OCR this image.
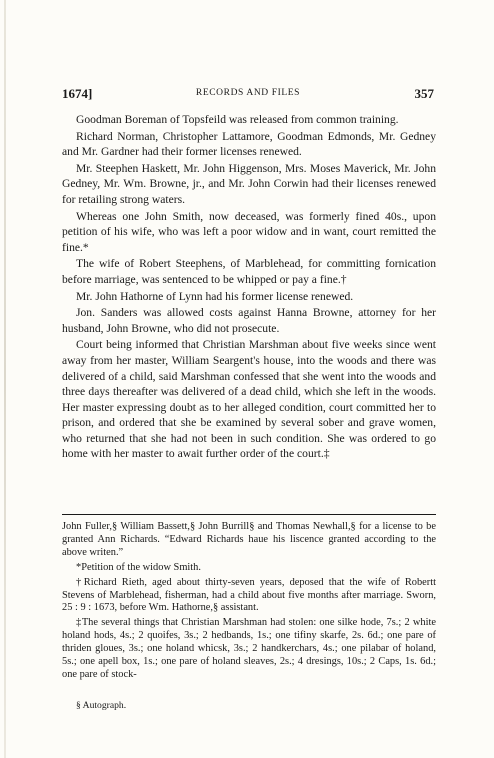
1674]	RECORDS AND FILES	357

Goodman Boreman of Topsfeild was released from common training.

Richard Norman, Christopher Lattamore, Goodman Edmonds, Mr. Gedney and Mr. Gardner had their former licenses renewed.

Mr. Steephen Haskett, Mr. John Higgenson, Mrs. Moses Maverick, Mr. John Gedney, Mr. Wm. Browne, jr., and Mr. John Corwin had their licenses renewed for retailing strong waters.

Whereas one John Smith, now deceased, was formerly fined 40s., upon petition of his wife, who was left a poor widow and in want, court remitted the fine.*

The wife of Robert Steephens, of Marblehead, for committing fornication before marriage, was sentenced to be whipped or pay a fine.†

Mr. John Hathorne of Lynn had his former license renewed.

Jon. Sanders was allowed costs against Hanna Browne, attorney for her husband, John Browne, who did not prosecute.

Court being informed that Christian Marshman about five weeks since went away from her master, William Seargent's house, into the woods and there was delivered of a child, said Marshman confessed that she went into the woods and three days thereafter was delivered of a dead child, which she left in the woods. Her master expressing doubt as to her alleged condition, court committed her to prison, and ordered that she be examined by several sober and grave women, who returned that she had not been in such condition. She was ordered to go home with her master to await further order of the court.‡

John Fuller,§ William Bassett,§ John Burrill§ and Thomas Newhall,§ for a license to be granted Ann Richards. “Edward Richards haue his liscence granted according to the above writen.”

*Petition of the widow Smith.

†Richard Rieth, aged about thirty-seven years, deposed that the wife of Robertt Stevens of Marblehead, fisherman, had a child about five months after marriage. Sworn, 25 : 9 : 1673, before Wm. Hathorne,§ assistant.

‡The several things that Christian Marshman had stolen: one silke hode, 7s.; 2 white holand hods, 4s.; 2 quoifes, 3s.; 2 hedbands, 1s.; one tifiny skarfe, 2s. 6d.; one pare of thriden gloues, 3s.; one holand whicsk, 3s.; 2 handkerchars, 4s.; one pilabar of holand, 5s.; one apell box, 1s.; one pare of holand sleaves, 2s.; 4 dresings, 10s.; 2 Caps, 1s. 6d.; one pare of stock-

§ Autograph.
